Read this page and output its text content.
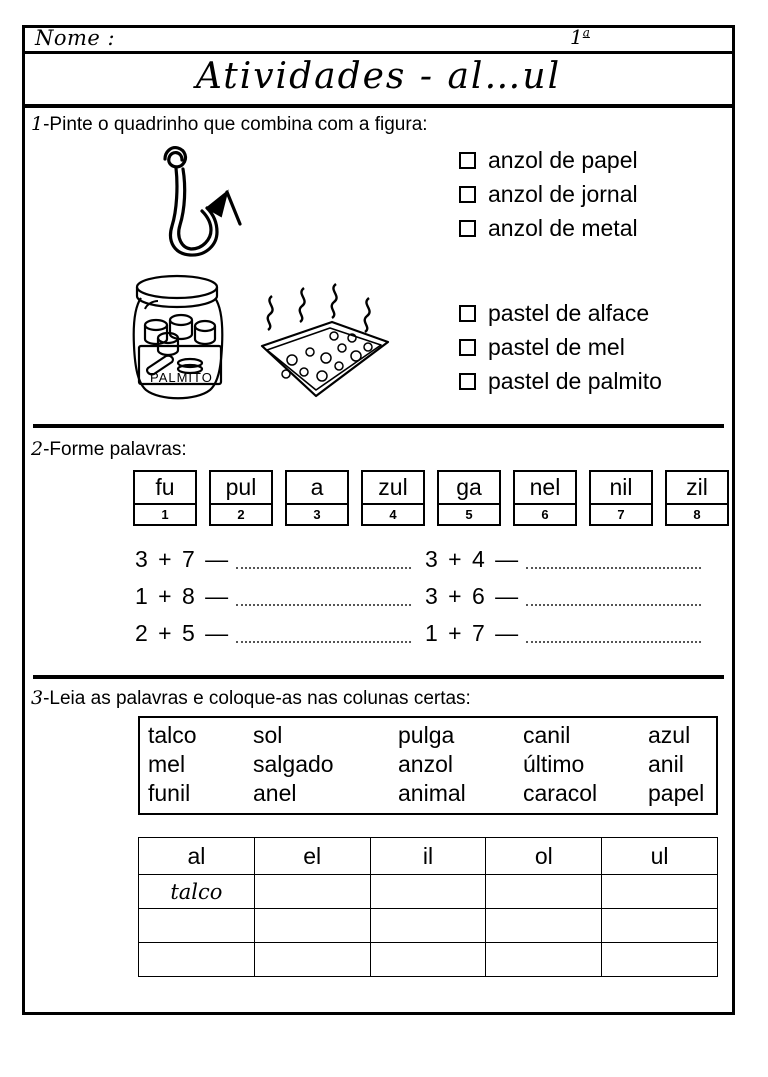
Nome :	1$^a$
Atividades - al…ul
1-Pinte o quadrinho que combina com a figura:
PALMITO
anzol de papel
anzol de jornal
anzol de metal
pastel de alface
pastel de mel
pastel de palmito
2-Forme palavras:
fu
1
pul
2
a
3
zul
4
ga
5
nel
6
nil
7
zil
8
3 + 7 —	3 + 4 —
1 + 8 —	3 + 6 —
2 + 5 —	1 + 7 —
3-Leia as palavras e coloque-as nas colunas certas:
talco	sol	pulga	canil	azul
mel	salgado	anzol	último	anil
funil	anel	animal	caracol	papel
al	el	il	ol	ul
talco				
